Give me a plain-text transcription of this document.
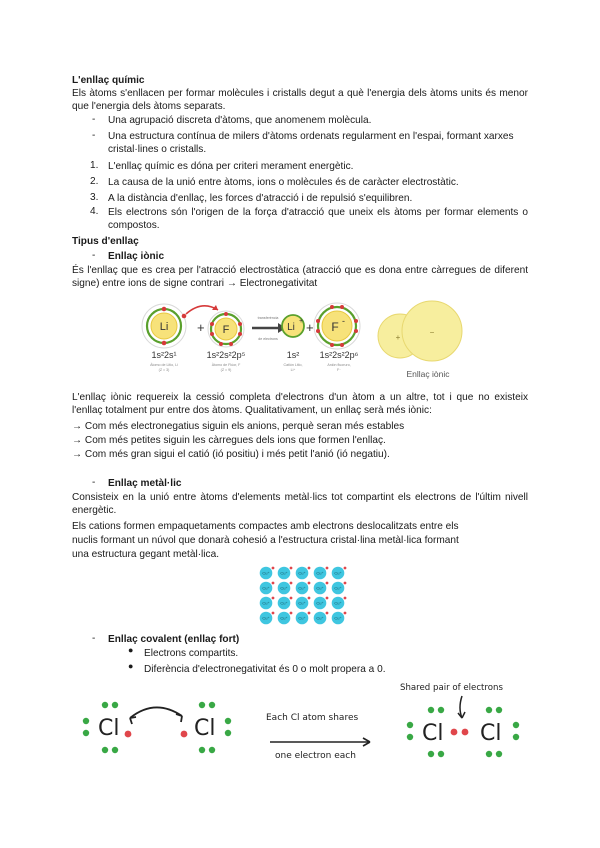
L'enllaç químic
Els àtoms s'enllacen per formar molècules i cristalls degut a què l'energia dels àtoms units és menor que l'energia dels àtoms separats.
- Una agrupació discreta d'àtoms, que anomenem molècula.
- Una estructura contínua de milers d'àtoms ordenats regularment en l'espai, formant xarxes cristal·lines o cristalls.
1. L'enllaç químic es dóna per criteri merament energètic.
2. La causa de la unió entre àtoms, ions o molècules és de caràcter electrostàtic.
3. A la distància d'enllaç, les forces d'atracció i de repulsió s'equilibren.
4. Els electrons són l'origen de la força d'atracció que uneix els àtoms per formar elements o compostos.
Tipus d'enllaç
- Enllaç iònic
És l'enllaç que es crea per l'atracció electrostàtica (atracció que es dona entre càrregues de diferent signe) entre ions de signe contrari → Electronegativitat
Li + F
transferència
de electrons
Li
+ + F -
+
−
Enllaç iònic
1s²2s¹	1s²2s²2p⁵	1s² 1s²2s²2p⁶
Àtomo de Litio, Li
(Z = 3)
Àtomo de Flúor, F
(Z = 9)
Catión Litio,
Li⁺
Anión fluoruro,
F⁻
L'enllaç iònic requereix la cessió completa d'electrons d'un àtom a un altre, tot i que no existeix l'enllaç totalment pur entre dos àtoms. Qualitativament, un enllaç serà més iònic:
→ Com més electronegatius siguin els anions, perquè seran més estables
→ Com més petites siguin les càrregues dels ions que formen l'enllaç.
→ Com més gran sigui el catió (ió positiu) i més petit l'anió (ió negatiu).
- Enllaç metàl·lic
Consisteix en la unió entre àtoms d'elements metàl·lics tot compartint els electrons de l'últim nivell energètic.
Els cations formen empaquetaments compactes amb electrons deslocalitzats entre els
nuclis formant un núvol que donarà cohesió a l'estructura cristal·lina metàl·lica formant
una estructura gegant metàl·lica.
Cu⁺	Cu⁺	Cu⁺	Cu⁺	Cu⁺
Cu⁺	Cu⁺	Cu⁺	Cu⁺	Cu⁺
Cu⁺	Cu⁺	Cu⁺	Cu⁺	Cu⁺
Cu⁺	Cu⁺	Cu⁺	Cu⁺	Cu⁺
- Enllaç covalent (enllaç fort)
● Electrons compartits.
● Diferència d'electronegativitat és 0 o molt propera a 0.
Cl	Cl	Each Cl atom shares
one electron each
Shared pair of electrons
Cl Cl
